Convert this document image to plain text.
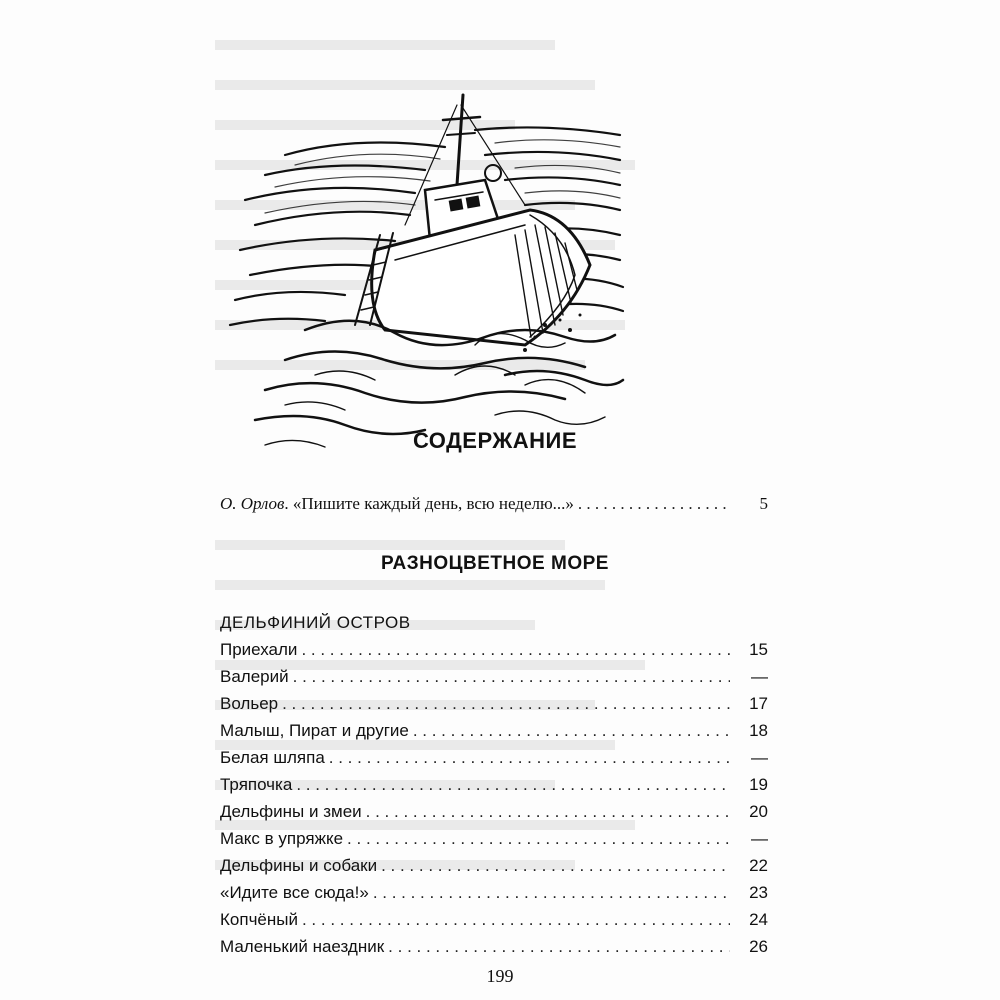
СОДЕРЖАНИЕ
О. Орлов. «Пишите каждый день, всю неделю...» . . .	5
РАЗНОЦВЕТНОЕ МОРЕ
ДЕЛЬФИНИЙ ОСТРОВ
Приехали . . .	15
Валерий . . .	—
Вольер . . .	17
Малыш, Пират и другие . . .	18
Белая шляпа . . .	—
Тряпочка . . .	19
Дельфины и змеи . . .	20
Макс в упряжке . . .	—
Дельфины и собаки . . .	22
«Идите все сюда!» . . .	23
Копчёный . . .	24
Маленький наездник . . .	26
199
